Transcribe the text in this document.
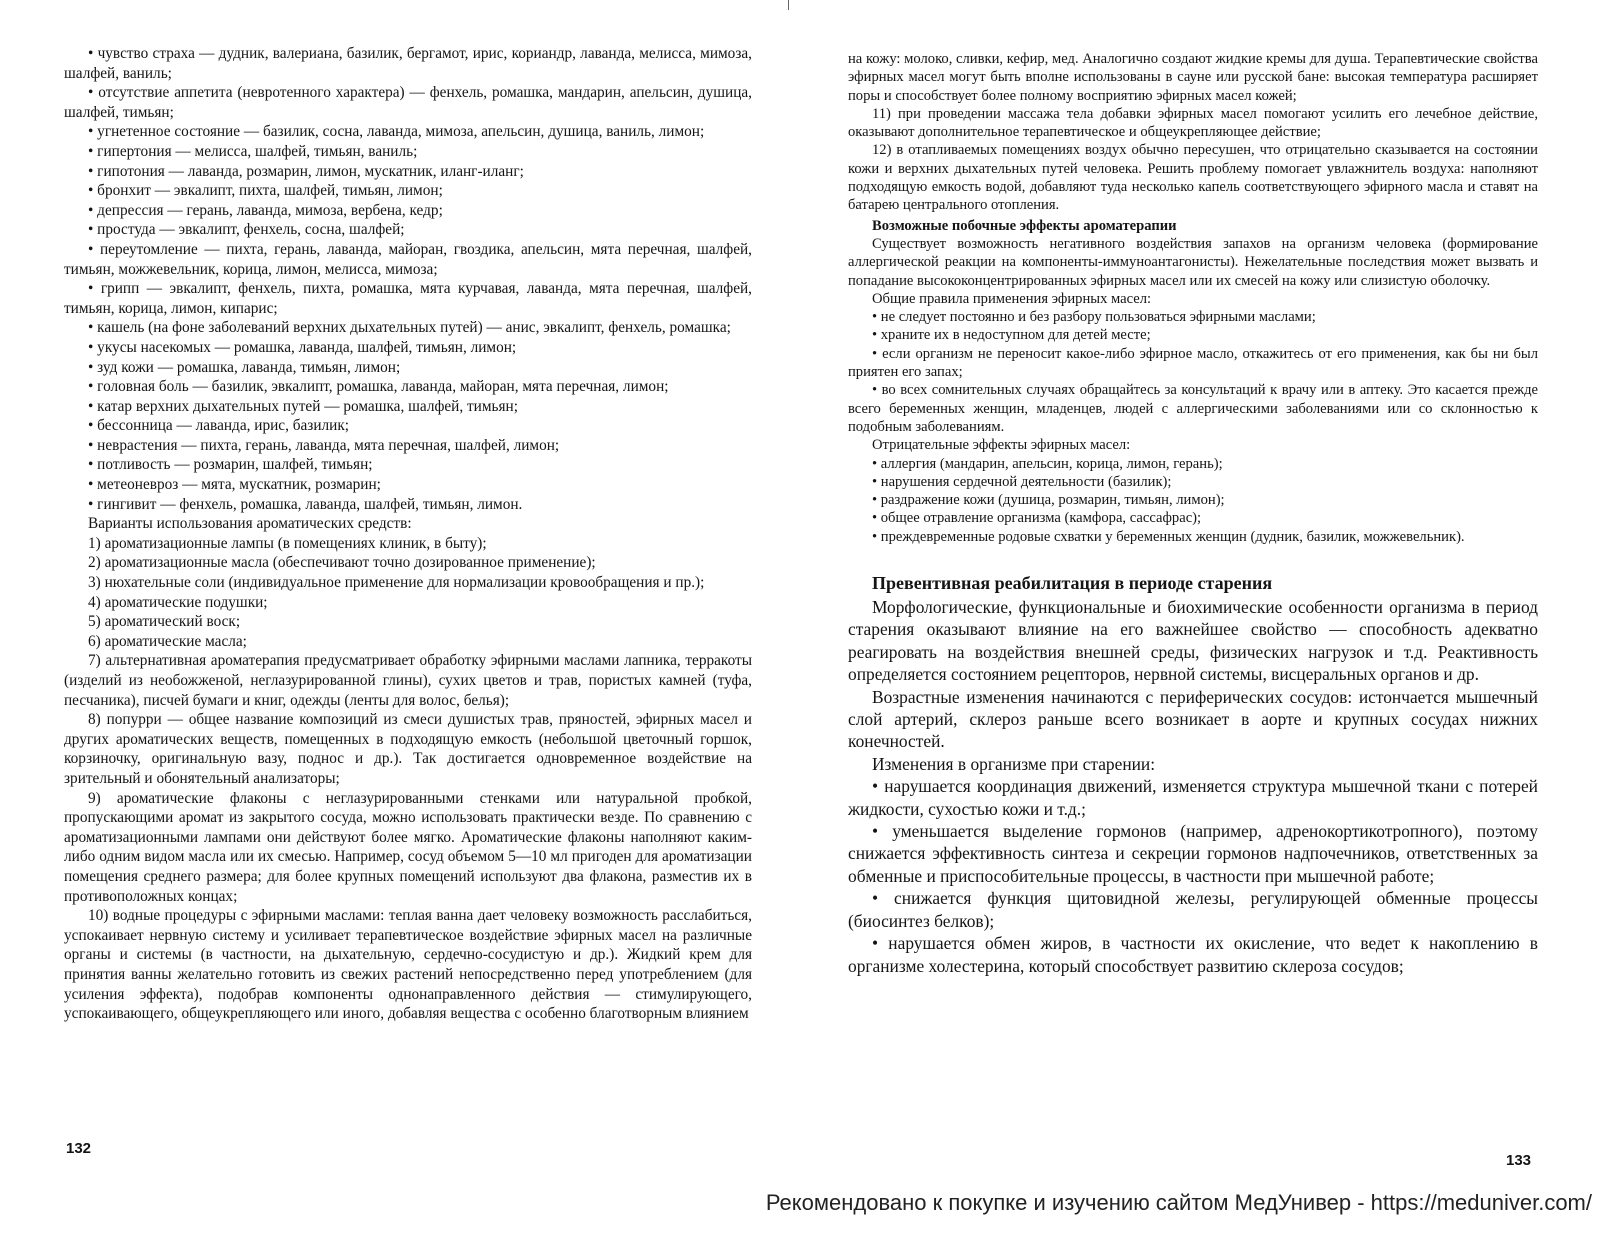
• чувство страха — дудник, валериана, базилик, бергамот, ирис, кориандр, лаванда, мелисса, мимоза, шалфей, ваниль;

• отсутствие аппетита (невротенного характера) — фенхель, ромашка, мандарин, апельсин, душица, шалфей, тимьян;

• угнетенное состояние — базилик, сосна, лаванда, мимоза, апельсин, душица, ваниль, лимон;

• гипертония — мелисса, шалфей, тимьян, ваниль;

• гипотония — лаванда, розмарин, лимон, мускатник, иланг-иланг;

• бронхит — эвкалипт, пихта, шалфей, тимьян, лимон;

• депрессия — герань, лаванда, мимоза, вербена, кедр;

• простуда — эвкалипт, фенхель, сосна, шалфей;

• переутомление — пихта, герань, лаванда, майоран, гвоздика, апельсин, мята перечная, шалфей, тимьян, можжевельник, корица, лимон, мелисса, мимоза;

• грипп — эвкалипт, фенхель, пихта, ромашка, мята курчавая, лаванда, мята перечная, шалфей, тимьян, корица, лимон, кипарис;

• кашель (на фоне заболеваний верхних дыхательных путей) — анис, эвкалипт, фенхель, ромашка;

• укусы насекомых — ромашка, лаванда, шалфей, тимьян, лимон;

• зуд кожи — ромашка, лаванда, тимьян, лимон;

• головная боль — базилик, эвкалипт, ромашка, лаванда, майоран, мята перечная, лимон;

• катар верхних дыхательных путей — ромашка, шалфей, тимьян;

• бессонница — лаванда, ирис, базилик;

• неврастения — пихта, герань, лаванда, мята перечная, шалфей, лимон;

• потливость — розмарин, шалфей, тимьян;

• метеоневроз — мята, мускатник, розмарин;

• гингивит — фенхель, ромашка, лаванда, шалфей, тимьян, лимон.

Варианты использования ароматических средств:

1) ароматизационные лампы (в помещениях клиник, в быту);

2) ароматизационные масла (обеспечивают точно дозированное применение);

3) нюхательные соли (индивидуальное применение для нормализации кровообращения и пр.);

4) ароматические подушки;

5) ароматический воск;

6) ароматические масла;

7) альтернативная ароматерапия предусматривает обработку эфирными маслами лапника, терракоты (изделий из необожженой, неглазурированной глины), сухих цветов и трав, пористых камней (туфа, песчаника), писчей бумаги и книг, одежды (ленты для волос, белья);

8) попурри — общее название композиций из смеси душистых трав, пряностей, эфирных масел и других ароматических веществ, помещенных в подходящую емкость (небольшой цветочный горшок, корзиночку, оригинальную вазу, поднос и др.). Так достигается одновременное воздействие на зрительный и обонятельный анализаторы;

9) ароматические флаконы с неглазурированными стенками или натуральной пробкой, пропускающими аромат из закрытого сосуда, можно использовать практически везде. По сравнению с ароматизационными лампами они действуют более мягко. Ароматические флаконы наполняют каким-либо одним видом масла или их смесью. Например, сосуд объемом 5—10 мл пригоден для ароматизации помещения среднего размера; для более крупных помещений используют два флакона, разместив их в противоположных концах;

10) водные процедуры с эфирными маслами: теплая ванна дает человеку возможность расслабиться, успокаивает нервную систему и усиливает терапевтическое воздействие эфирных масел на различные органы и системы (в частности, на дыхательную, сердечно-сосудистую и др.). Жидкий крем для принятия ванны желательно готовить из свежих растений непосредственно перед употреблением (для усиления эффекта), подобрав компоненты однонаправленного действия — стимулирующего, успокаивающего, общеукрепляющего или иного, добавляя вещества с особенно благотворным влиянием

132

на кожу: молоко, сливки, кефир, мед. Аналогично создают жидкие кремы для душа. Терапевтические свойства эфирных масел могут быть вполне использованы в сауне или русской бане: высокая температура расширяет поры и способствует более полному восприятию эфирных масел кожей;

11) при проведении массажа тела добавки эфирных масел помогают усилить его лечебное действие, оказывают дополнительное терапевтическое и общеукрепляющее действие;

12) в отапливаемых помещениях воздух обычно пересушен, что отрицательно сказывается на состоянии кожи и верхних дыхательных путей человека. Решить проблему помогает увлажнитель воздуха: наполняют подходящую емкость водой, добавляют туда несколько капель соответствующего эфирного масла и ставят на батарею центрального отопления.

Возможные побочные эффекты ароматерапии

Существует возможность негативного воздействия запахов на организм человека (формирование аллергической реакции на компоненты-иммуноантагонисты). Нежелательные последствия может вызвать и попадание высококонцентрированных эфирных масел или их смесей на кожу или слизистую оболочку.

Общие правила применения эфирных масел:

• не следует постоянно и без разбору пользоваться эфирными маслами;

• храните их в недоступном для детей месте;

• если организм не переносит какое-либо эфирное масло, откажитесь от его применения, как бы ни был приятен его запах;

• во всех сомнительных случаях обращайтесь за консультаций к врачу или в аптеку. Это касается прежде всего беременных женщин, младенцев, людей с аллергическими заболеваниями или со склонностью к подобным заболеваниям.

Отрицательные эффекты эфирных масел:

• аллергия (мандарин, апельсин, корица, лимон, герань);

• нарушения сердечной деятельности (базилик);

• раздражение кожи (душица, розмарин, тимьян, лимон);

• общее отравление организма (камфора, сассафрас);

• преждевременные родовые схватки у беременных женщин (дудник, базилик, можжевельник).

Превентивная реабилитация в периоде старения

Морфологические, функциональные и биохимические особенности организма в период старения оказывают влияние на его важнейшее свойство — способность адекватно реагировать на воздействия внешней среды, физических нагрузок и т.д. Реактивность определяется состоянием рецепторов, нервной системы, висцеральных органов и др.

Возрастные изменения начинаются с периферических сосудов: истончается мышечный слой артерий, склероз раньше всего возникает в аорте и крупных сосудах нижних конечностей.

Изменения в организме при старении:

• нарушается координация движений, изменяется структура мышечной ткани с потерей жидкости, сухостью кожи и т.д.;

• уменьшается выделение гормонов (например, адренокортикотропного), поэтому снижается эффективность синтеза и секреции гормонов надпочечников, ответственных за обменные и приспособительные процессы, в частности при мышечной работе;

• снижается функция щитовидной железы, регулирующей обменные процессы (биосинтез белков);

• нарушается обмен жиров, в частности их окисление, что ведет к накоплению в организме холестерина, который способствует развитию склероза сосудов;

133
Рекомендовано к покупке и изучению сайтом МедУнивер - https://meduniver.com/
